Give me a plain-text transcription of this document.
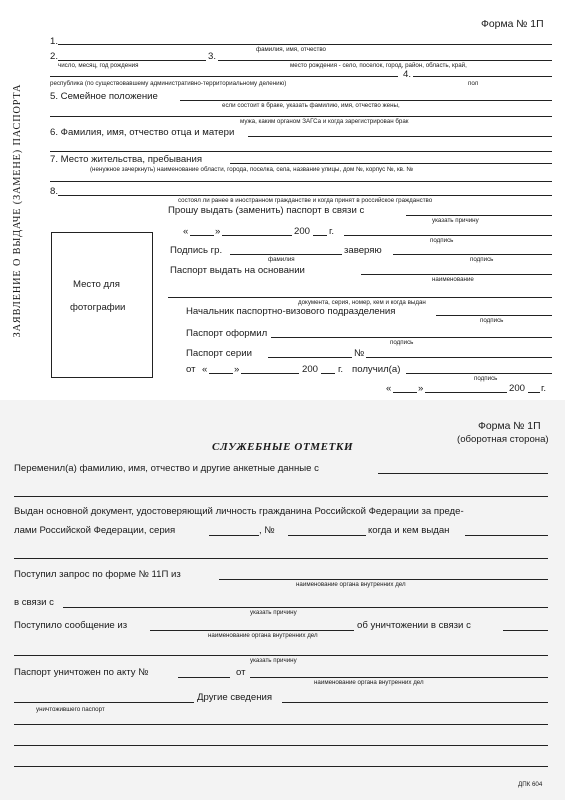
Форма № 1П
ЗАЯВЛЕНИЕ О ВЫДАЧЕ (ЗАМЕНЕ) ПАСПОРТА
1.
фамилия, имя, отчество
2.	3.
число, месяц, год рождения	место рождения - село, поселок, город, район, область, край,
4.
республика (по существовавшему административно-территориальному делению)	пол
5. Семейное положение
если состоит в браке, указать фамилию, имя, отчество жены,
мужа, каким органом ЗАГСа и когда зарегистрирован брак
6. Фамилия, имя, отчество отца и матери
7. Место жительства, пребывания
(ненужное зачеркнуть) наименование области, города, поселка, села, название улицы, дом №, корпус №, кв. №
8.
состоял ли ранее в иностранном гражданстве и когда принят в российское гражданство
Прошу выдать (заменить) паспорт в связи с
указать причину
«	»	200 г.
подпись
Подпись гр.
фамилия
заверяю
подпись
Паспорт выдать на основании
наименование
документа, серия, номер, кем и когда выдан
Место для
фотографии	Начальник паспортно-визового подразделения
подпись
Паспорт оформил
подпись
Паспорт серии	№
от «	»	200 г. получил(а)
подпись
«	»	200 г.
Форма № 1П
(оборотная сторона)
СЛУЖЕБНЫЕ ОТМЕТКИ
Переменил(а) фамилию, имя, отчество и другие анкетные данные с
Выдан основной документ, удостоверяющий личность гражданина Российской Федерации за преде-
лами Российской Федерации, серия	, №	когда и кем выдан
Поступил запрос по форме № 11П из
наименование органа внутренних дел
в связи с
указать причину
Поступило сообщение из
наименование органа внутренних дел
об уничтожении в связи с
указать причину
Паспорт уничтожен по акту №	от
наименование органа внутренних дел
Другие сведения
уничтожившего паспорт
ДПК 604
